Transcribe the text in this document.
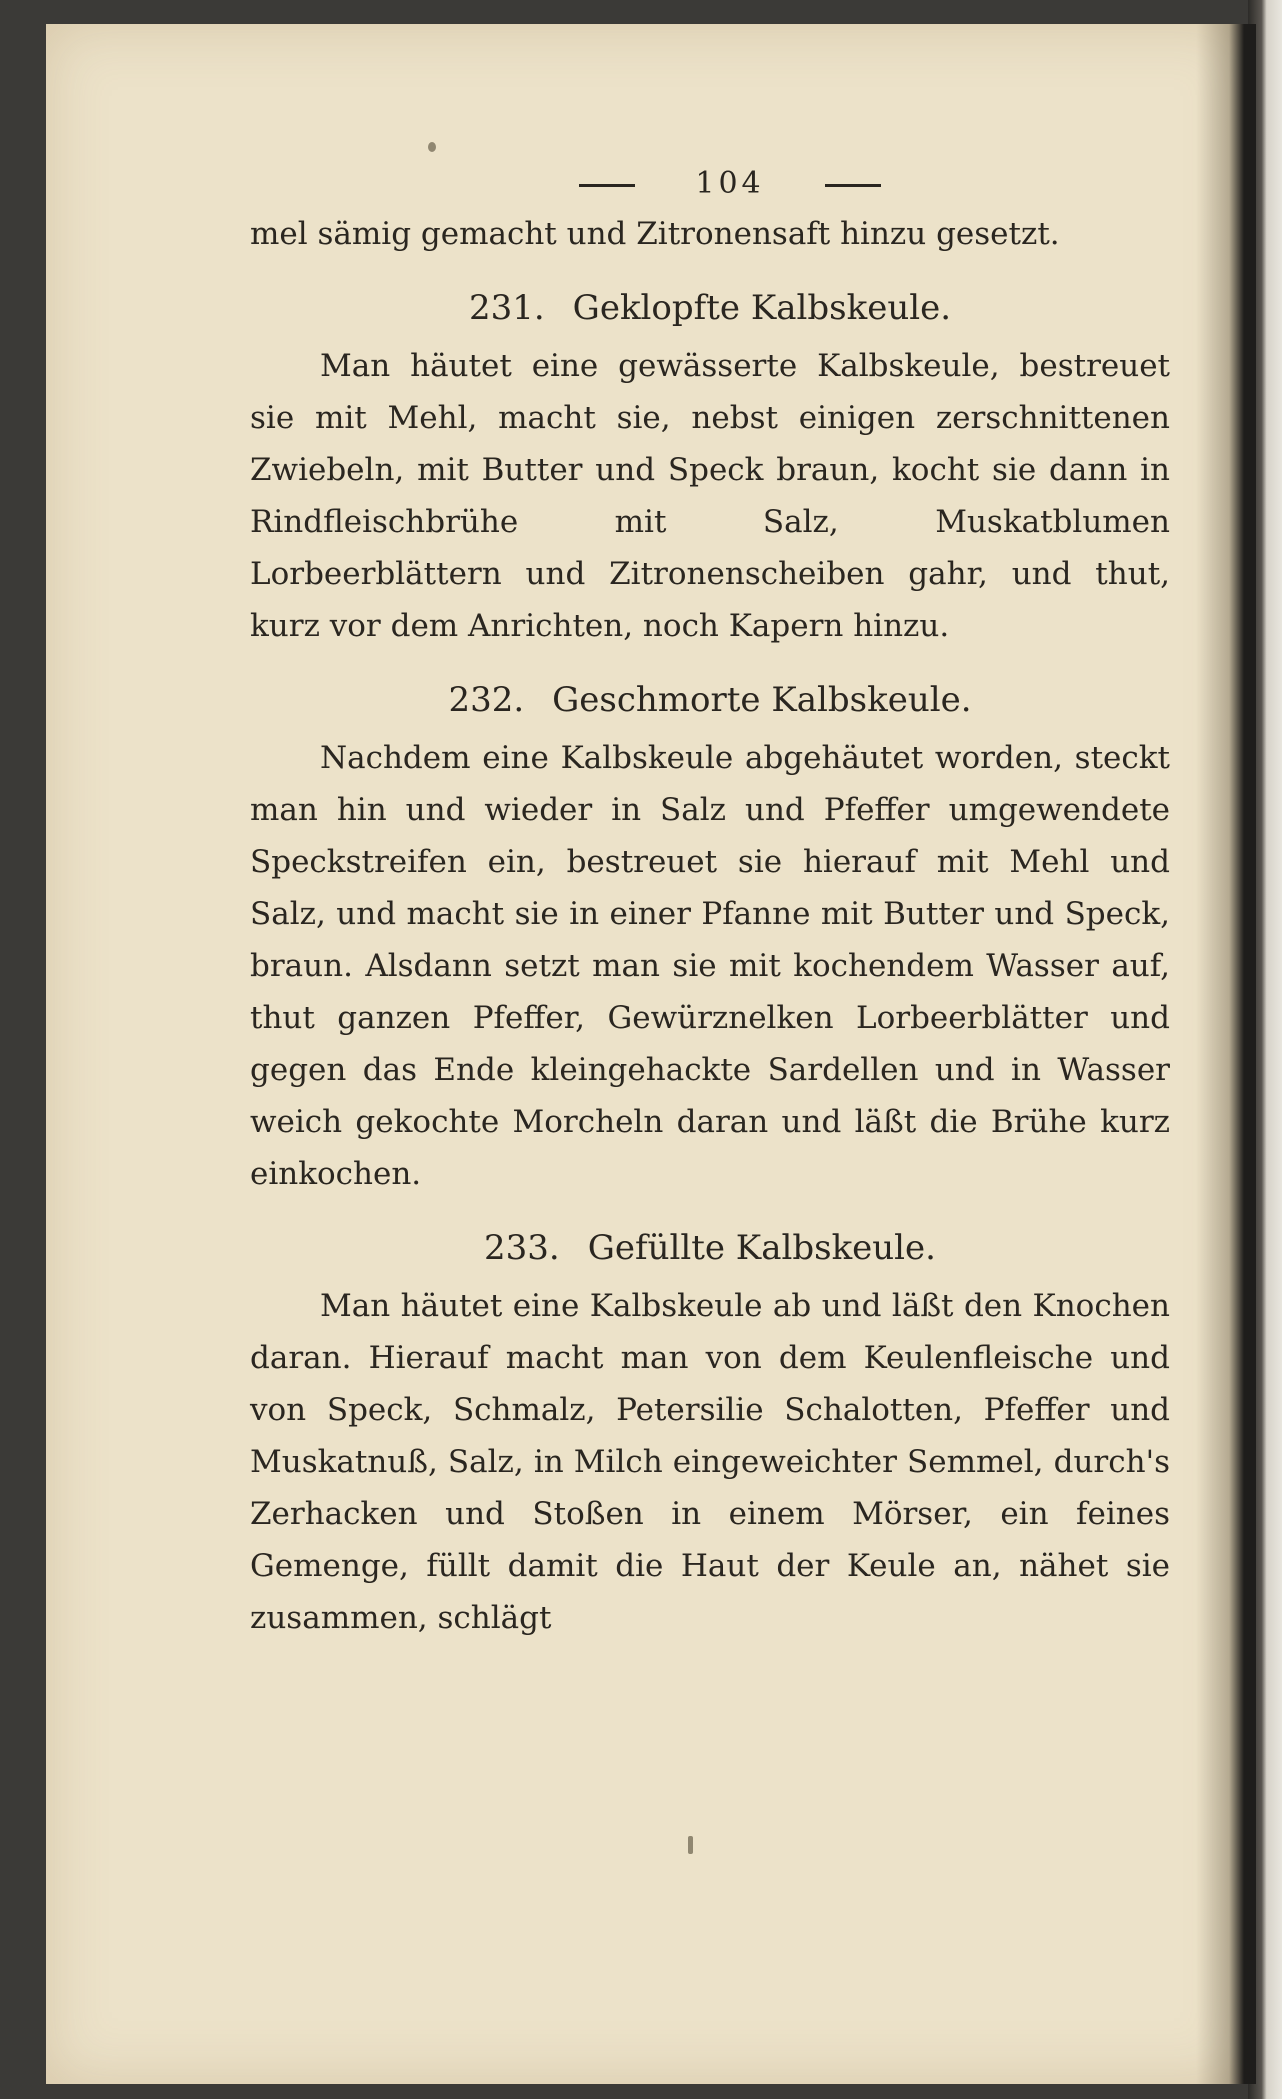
104

mel sämig gemacht und Zitronensaft hinzu gesetzt.

231. Geklopfte Kalbskeule.

Man häutet eine gewässerte Kalbskeule, bestreuet sie mit Mehl, macht sie, nebst einigen zerschnittenen Zwiebeln, mit Butter und Speck braun, kocht sie dann in Rindfleischbrühe mit Salz, Muskatblumen Lorbeerblättern und Zitronenscheiben gahr, und thut, kurz vor dem Anrichten, noch Kapern hinzu.

232. Geschmorte Kalbskeule.

Nachdem eine Kalbskeule abgehäutet worden, steckt man hin und wieder in Salz und Pfeffer umgewendete Speckstreifen ein, bestreuet sie hierauf mit Mehl und Salz, und macht sie in einer Pfanne mit Butter und Speck, braun. Alsdann setzt man sie mit kochendem Wasser auf, thut ganzen Pfeffer, Gewürznelken Lorbeerblätter und gegen das Ende kleingehackte Sardellen und in Wasser weich gekochte Morcheln daran und läßt die Brühe kurz einkochen.

233. Gefüllte Kalbskeule.

Man häutet eine Kalbskeule ab und läßt den Knochen daran. Hierauf macht man von dem Keulenfleische und von Speck, Schmalz, Petersilie Schalotten, Pfeffer und Muskatnuß, Salz, in Milch eingeweichter Semmel, durch's Zerhacken und Stoßen in einem Mörser, ein feines Gemenge, füllt damit die Haut der Keule an, nähet sie zusammen, schlägt
